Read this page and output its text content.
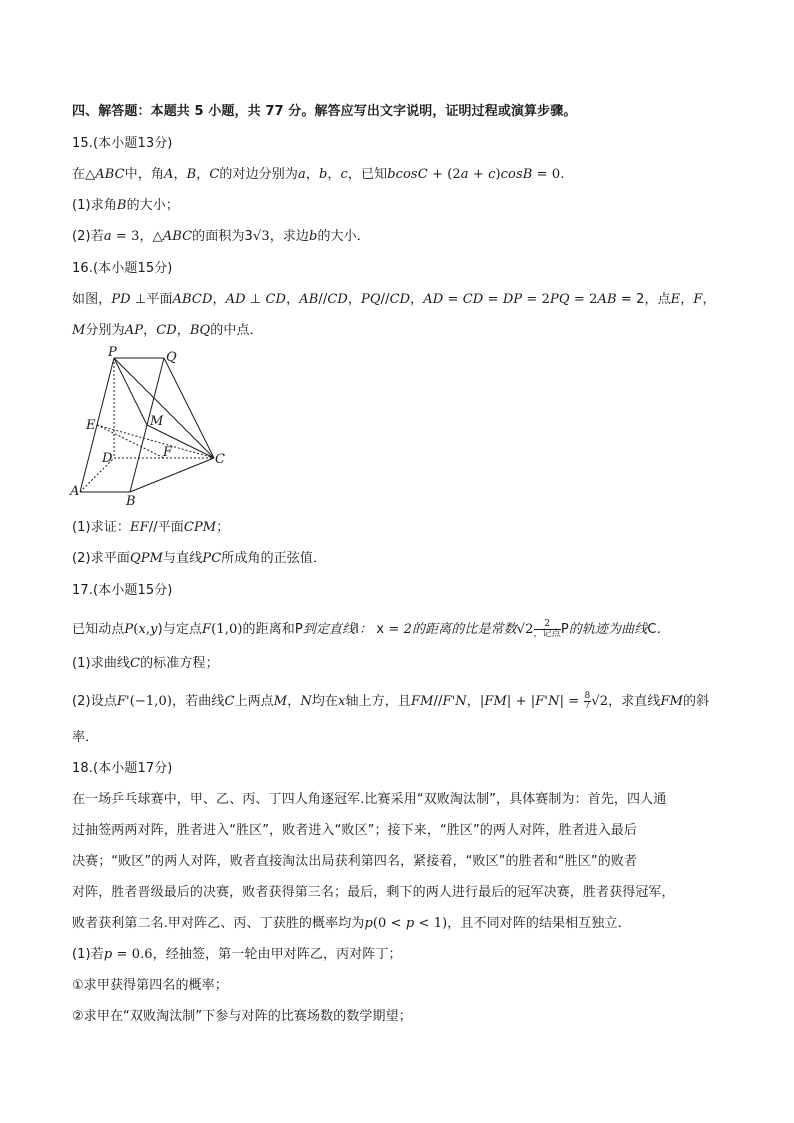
四、解答题：本题共 5 小题，共 77 分。解答应写出文字说明，证明过程或演算步骤。
15.(本小题13分)
在△ABC中，角A，B，C的对边分别为a，b，c，已知bcosC + (2a + c)cosB = 0.
(1)求角B的大小；
(2)若a = 3，△ABC的面积为3√3，求边b的大小．
16.(本小题15分)
如图，PD ⊥平面ABCD，AD ⊥ CD，AB//CD，PQ//CD，AD = CD = DP = 2PQ = 2AB = 2，点E，F，
M分别为AP，CD，BQ的中点．
P	Q
E	M
D	F	C
A
B
(1)求证：EF//平面CPM；
(2)求平面QPM与直线PC所成角的正弦值．
17.(本小题15分)
已知动点P(x,y)与定点F(1,0)的距离和P到定直线l： x = 2的距离的比是常数$√2 \frac{2}{\text{，记点}}$ P的轨迹为曲线C．
(1)求曲线C的标准方程；
(2)设点F'(−1,0)，若曲线C上两点M，N均在x轴上方，且FM//F'N，$|FM| + |F'N| = \frac{8}{7} √2$，求直线FM的斜
率．
18.(本小题17分)
在一场乒乓球赛中，甲、乙、丙、丁四人角逐冠军.比赛采用“双败淘汰制”，具体赛制为：首先，四人通
过抽签两两对阵，胜者进入“胜区”，败者进入“败区”；接下来，“胜区”的两人对阵，胜者进入最后
决赛；“败区”的两人对阵，败者直接淘汰出局获利第四名，紧接着，“败区”的胜者和“胜区”的败者
对阵，胜者晋级最后的决赛，败者获得第三名；最后，剩下的两人进行最后的冠军决赛，胜者获得冠军，
败者获利第二名.甲对阵乙、丙、丁获胜的概率均为p(0 < p < 1)，且不同对阵的结果相互独立．
(1)若p = 0.6，经抽签，第一轮由甲对阵乙，丙对阵丁；
①求甲获得第四名的概率；
②求甲在“双败淘汰制”下参与对阵的比赛场数的数学期望；
